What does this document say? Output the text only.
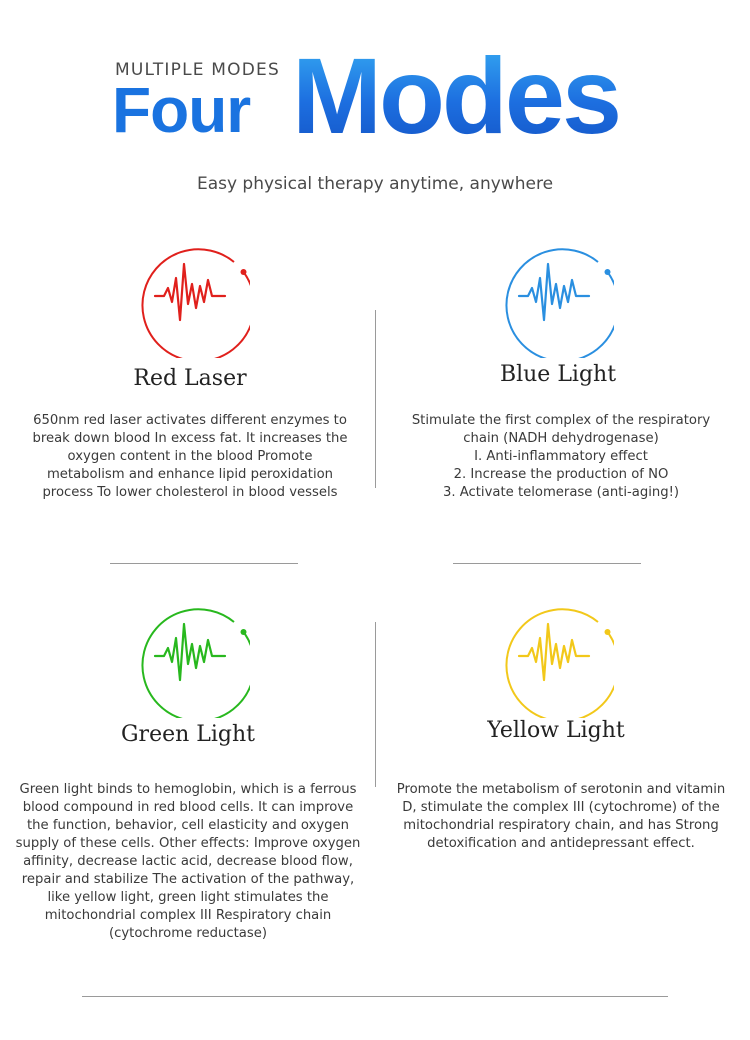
MULTIPLE MODES
Four Modes
Easy physical therapy anytime, anywhere
Red Laser
650nm red laser activates different enzymes to
break down blood In excess fat. It increases the
oxygen content in the blood Promote
metabolism and enhance lipid peroxidation
process To lower cholesterol in blood vessels
Blue Light
Stimulate the first complex of the respiratory
chain (NADH dehydrogenase)
I. Anti-inflammatory effect
2. Increase the production of NO
3. Activate telomerase (anti-aging!)
Green Light
Green light binds to hemoglobin, which is a ferrous
blood compound in red blood cells. It can improve
the function, behavior, cell elasticity and oxygen
supply of these cells. Other effects: Improve oxygen
affinity, decrease lactic acid, decrease blood flow,
repair and stabilize The activation of the pathway,
like yellow light, green light stimulates the
mitochondrial complex III Respiratory chain
(cytochrome reductase)
Yellow Light
Promote the metabolism of serotonin and vitamin
D, stimulate the complex III (cytochrome) of the
mitochondrial respiratory chain, and has Strong
detoxification and antidepressant effect.
